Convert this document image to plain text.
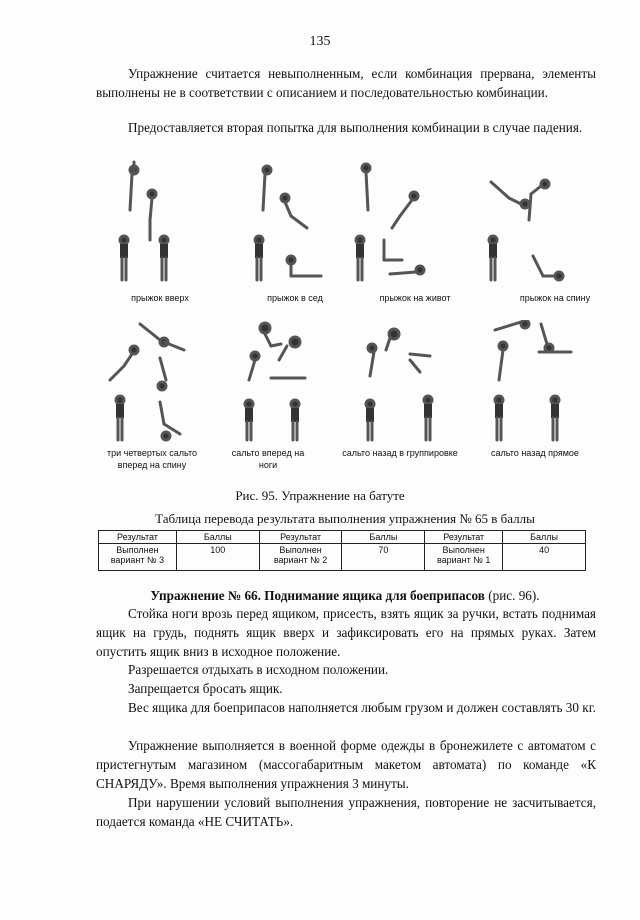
135

Упражнение считается невыполненным, если комбинация прервана, элементы выполнены не в соответствии с описанием и последовательностью комбинации.

Предоставляется вторая попытка для выполнения комбинации в случае падения.

прыжок вверх	прыжок в сед	прыжок на живот	прыжок на спину
три четвертых сальто вперед на спину
сальто вперед на ноги
сальто назад в группировке	сальто назад прямое
Рис. 95. Упражнение на батуте
Таблица перевода результата выполнения упражнения № 65 в баллы
Результат	Баллы	Результат	Баллы	Результат	Баллы
Выполнен вариант № 3	100	Выполнен вариант № 2	70	Выполнен вариант № 1	40

Упражнение № 66. Поднимание ящика для боеприпасов (рис. 96).

Стойка ноги врозь перед ящиком, присесть, взять ящик за ручки, встать поднимая ящик на грудь, поднять ящик вверх и зафиксировать его на прямых руках. Затем опустить ящик вниз в исходное положение.

Разрешается отдыхать в исходном положении.

Запрещается бросать ящик.

Вес ящика для боеприпасов наполняется любым грузом и должен составлять 30 кг.

Упражнение выполняется в военной форме одежды в бронежилете с автоматом с пристегнутым магазином (массогабаритным макетом автомата) по команде «К СНАРЯДУ». Время выполнения упражнения 3 минуты.

При нарушении условий выполнения упражнения, повторение не засчитывается, подается команда «НЕ СЧИТАТЬ».
